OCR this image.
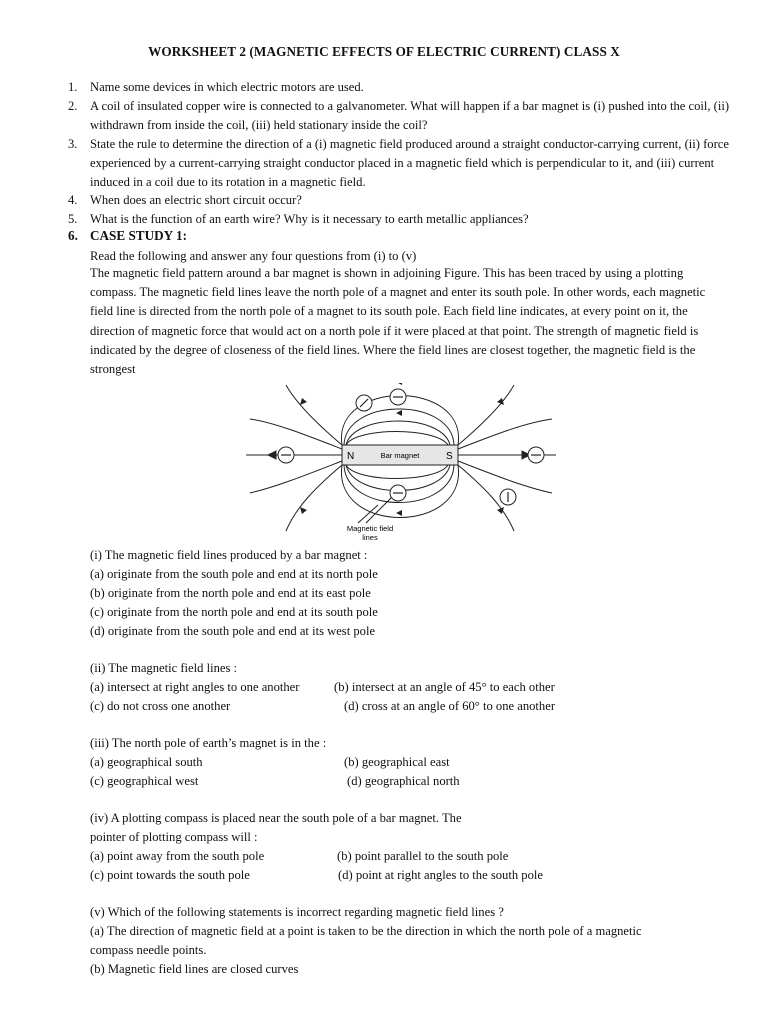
WORKSHEET 2 (MAGNETIC EFFECTS OF ELECTRIC CURRENT) CLASS X
1. Name some devices in which electric motors are used.
2. A coil of insulated copper wire is connected to a galvanometer. What will happen if a bar magnet is (i) pushed into the coil, (ii) withdrawn from inside the coil, (iii) held stationary inside the coil?
3. State the rule to determine the direction of a (i) magnetic field produced around a straight conductor-carrying current, (ii) force experienced by a current-carrying straight conductor placed in a magnetic field which is perpendicular to it, and (iii) current induced in a coil due to its rotation in a magnetic field.
4. When does an electric short circuit occur?
5. What is the function of an earth wire? Why is it necessary to earth metallic appliances?
6. CASE STUDY 1:
Read the following and answer any four questions from (i) to (v)
The magnetic field pattern around a bar magnet is shown in adjoining Figure. This has been traced by using a plotting compass. The magnetic field lines leave the north pole of a magnet and enter its south pole. In other words, each magnetic field line is directed from the north pole of a magnet to its south pole. Each field line indicates, at every point on it, the direction of magnetic force that would act on a north pole if it were placed at that point. The strength of magnetic field is indicated by the degree of closeness of the field lines. Where the field lines are closest together, the magnetic field is the strongest
N	Bar magnet	S
Magnetic field
lines
(i) The magnetic field lines produced by a bar magnet :
(a) originate from the south pole and end at its north pole
(b) originate from the north pole and end at its east pole
(c) originate from the north pole and end at its south pole
(d) originate from the south pole and end at its west pole
(ii) The magnetic field lines :
(a) intersect at right angles to one another	(b) intersect at an angle of 45° to each other
(c) do not cross one another	(d) cross at an angle of 60° to one another
(iii) The north pole of earth’s magnet is in the :
(a) geographical south	(b) geographical east
(c) geographical west	(d) geographical north
(iv) A plotting compass is placed near the south pole of a bar magnet. The
pointer of plotting compass will :
(a) point away from the south pole	(b) point parallel to the south pole
(c) point towards the south pole	(d) point at right angles to the south pole
(v) Which of the following statements is incorrect regarding magnetic field lines ?
(a) The direction of magnetic field at a point is taken to be the direction in which the north pole of a magnetic
compass needle points.
(b) Magnetic field lines are closed curves
